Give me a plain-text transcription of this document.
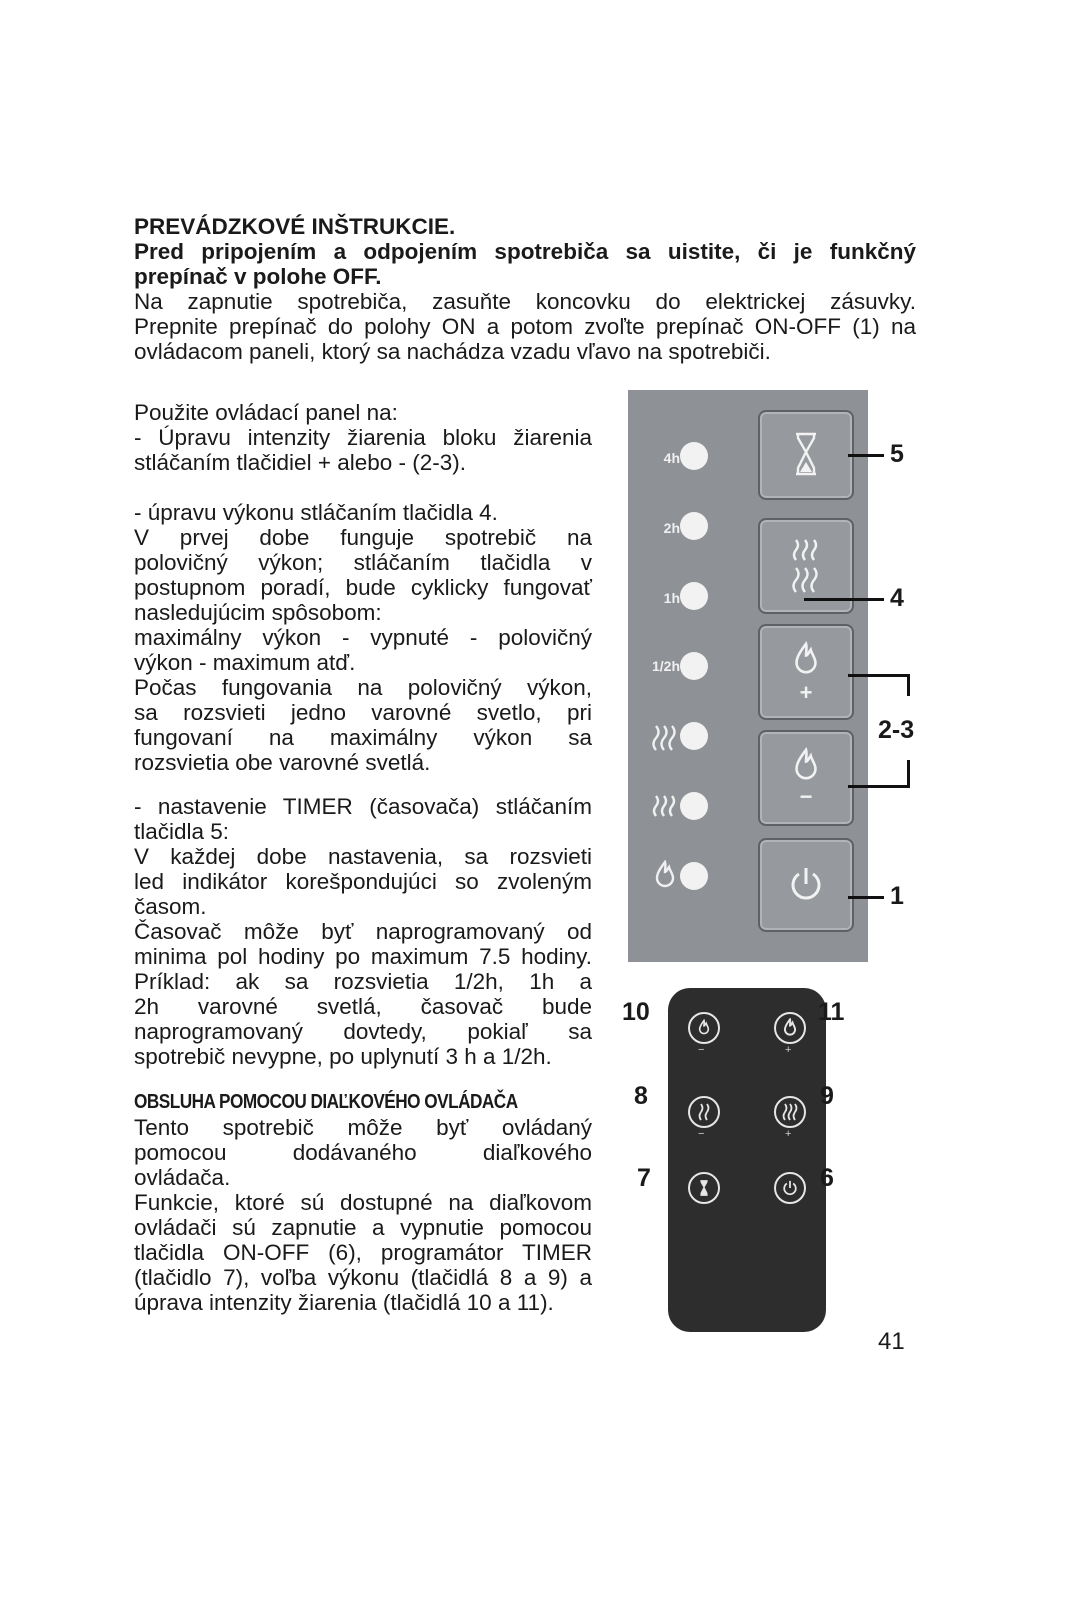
PREVÁDZKOVÉ INŠTRUKCIE.

Pred pripojením a odpojením spotrebiča sa uistite, či je funkčný prepínač v polohe OFF.

Na zapnutie spotrebiča, zasuňte koncovku do elektrickej zásuvky.

Prepnite prepínač do polohy ON a potom zvoľte prepínač ON-OFF (1) na

ovládacom paneli, ktorý sa nachádza vzadu vľavo na spotrebiči.

Použite ovládací panel na:

- Úpravu intenzity žiarenia bloku žiarenia

stláčaním tlačidiel + alebo - (2-3).

- úpravu výkonu stláčaním tlačidla 4.

V prvej dobe funguje spotrebič na

polovičný výkon; stláčaním tlačidla v

postupnom poradí, bude cyklicky fungovať

nasledujúcim spôsobom:

maximálny výkon - vypnuté - polovičný

výkon - maximum atď.

Počas fungovania na polovičný výkon,

sa rozsvieti jedno varovné svetlo, pri

fungovaní na maximálny výkon sa

rozsvietia obe varovné svetlá.

- nastavenie TIMER (časovača) stláčaním

tlačidla 5:

V každej dobe nastavenia, sa rozsvieti

led indikátor korešpondujúci so zvoleným

časom.

Časovač môže byť naprogramovaný od

minima pol hodiny po maximum 7.5 hodiny.

Príklad: ak sa rozsvietia 1/2h, 1h a

2h varovné svetlá, časovač bude

naprogramovaný dovtedy, pokiaľ sa

spotrebič nevypne, po uplynutí 3 h a 1/2h.

OBSLUHA POMOCOU DIAĽKOVÉHO OVLÁDAČA

Tento spotrebič môže byť ovládaný

pomocou dodávaného diaľkového

ovládača.

Funkcie, ktoré sú dostupné na diaľkovom

ovládači sú zapnutie a vypnutie pomocou

tlačidla ON-OFF (6), programátor TIMER

(tlačidlo 7), voľba výkonu (tlačidlá 8 a 9) a

úprava intenzity žiarenia (tlačidlá 10 a 11).

4h
2h
1h
1/2h
+
−
5
4
2-3
1
−	+
−	+
10	11
8	9
7	6
41
